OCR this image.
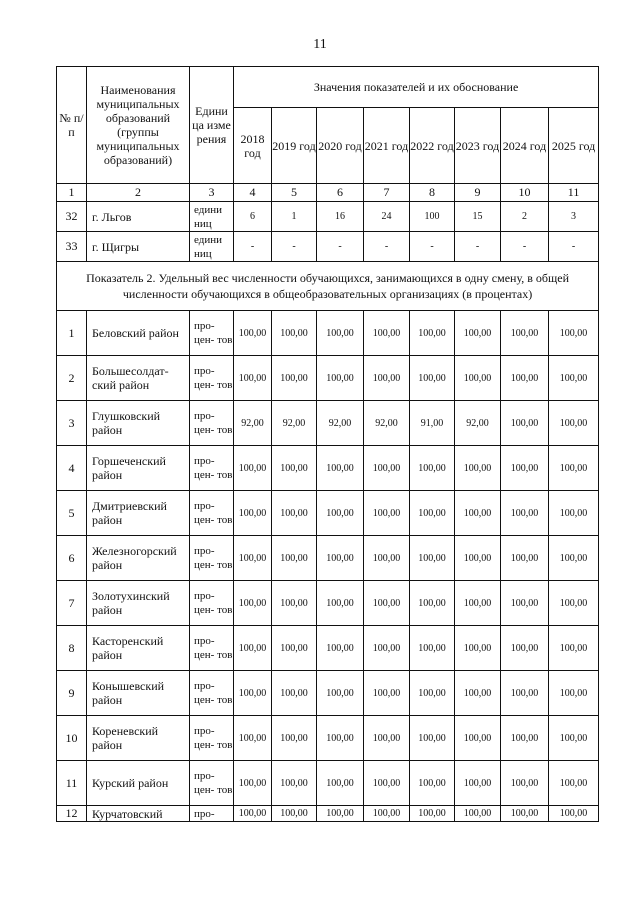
11
№ п/п	Наименования муниципальных образований (группы муниципальных образований)	Едини ца изме рения	Значения показателей и их обоснование							
			2018 год	2019 год	2020 год	2021 год	2022 год	2023 год	2024 год	2025 год
1	2	3	4	5	6	7	8	9	10	11
32	г. Льгов	едини ниц	6	1	16	24	100	15	2	3
33	г. Щигры	едини ниц	-	-	-	-	-	-	-	-
Показатель 2. Удельный вес численности обучающихся, занимающихся в одну смену, в общей численности обучающихся в общеобразовательных организациях (в процентах)										
1	Беловский район	про- цен- тов	100,00	100,00	100,00	100,00	100,00	100,00	100,00	100,00
2	Большесолдат- ский район	про- цен- тов	100,00	100,00	100,00	100,00	100,00	100,00	100,00	100,00
3	Глушковский район	про- цен- тов	92,00	92,00	92,00	92,00	91,00	92,00	100,00	100,00
4	Горшеченский район	про- цен- тов	100,00	100,00	100,00	100,00	100,00	100,00	100,00	100,00
5	Дмитриевский район	про- цен- тов	100,00	100,00	100,00	100,00	100,00	100,00	100,00	100,00
6	Железногорский район	про- цен- тов	100,00	100,00	100,00	100,00	100,00	100,00	100,00	100,00
7	Золотухинский район	про- цен- тов	100,00	100,00	100,00	100,00	100,00	100,00	100,00	100,00
8	Касторенский район	про- цен- тов	100,00	100,00	100,00	100,00	100,00	100,00	100,00	100,00
9	Конышевский район	про- цен- тов	100,00	100,00	100,00	100,00	100,00	100,00	100,00	100,00
10	Кореневский район	про- цен- тов	100,00	100,00	100,00	100,00	100,00	100,00	100,00	100,00
11	Курский район	про- цен- тов	100,00	100,00	100,00	100,00	100,00	100,00	100,00	100,00
12	Курчатовский	про-	100,00	100,00	100,00	100,00	100,00	100,00	100,00	100,00
